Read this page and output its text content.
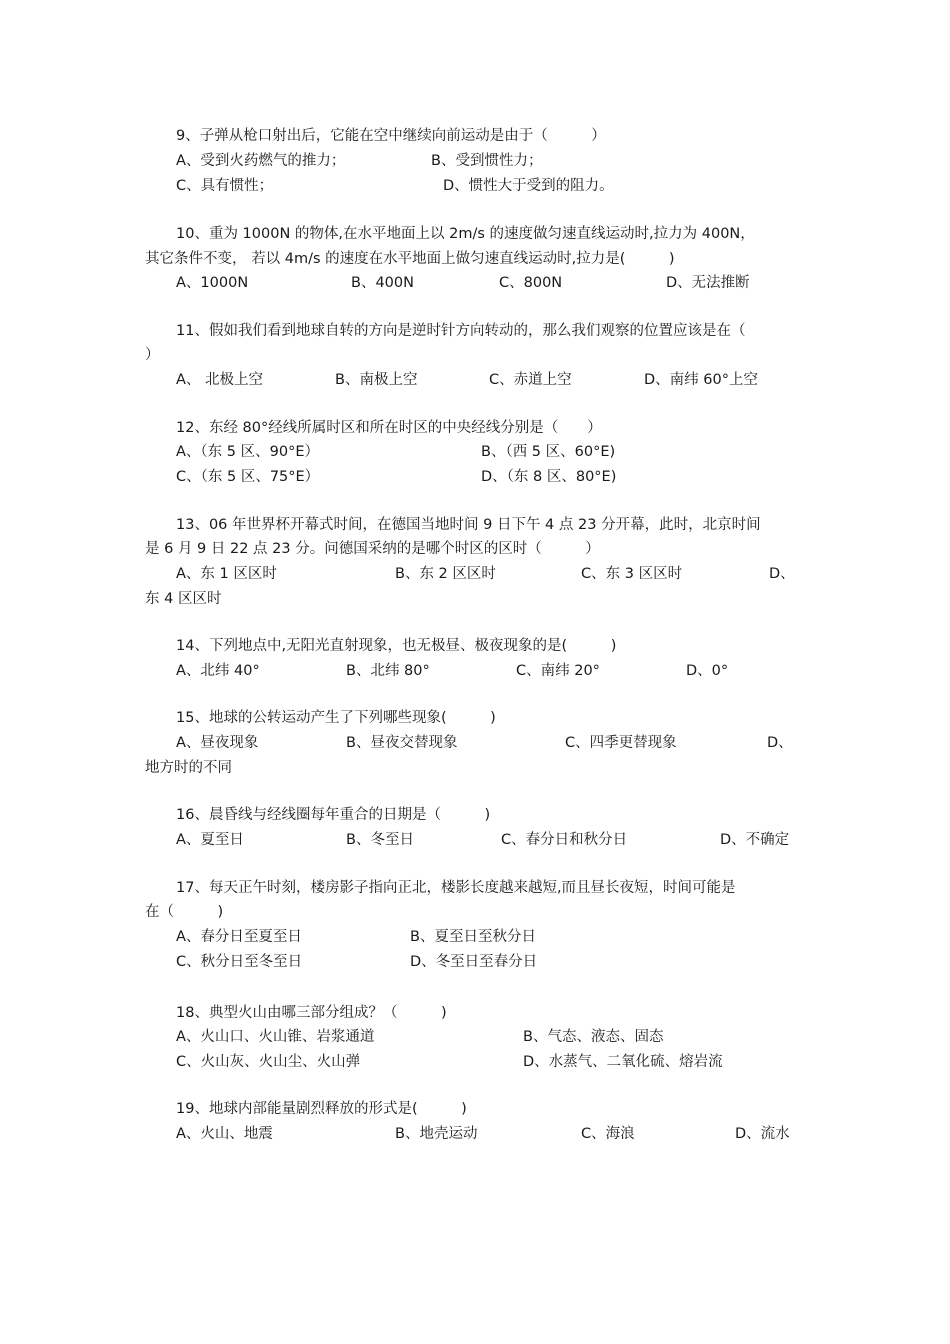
9、子弹从枪口射出后，它能在空中继续向前运动是由于（　　　）
A、受到火药燃气的推力；	B、受到惯性力；
C、具有惯性；	D、惯性大于受到的阻力。
10、重为 1000N 的物体,在水平地面上以 2m/s 的速度做匀速直线运动时,拉力为 400N，
其它条件不变， 若以 4m/s 的速度在水平地面上做匀速直线运动时,拉力是(　　　)
A、1000N	B、400N	C、800N	D、无法推断
11、假如我们看到地球自转的方向是逆时针方向转动的，那么我们观察的位置应该是在（
）
A、 北极上空	B、南极上空	C、赤道上空	D、南纬 60°上空
12、东经 80°经线所属时区和所在时区的中央经线分别是（　　）
A、（东 5 区、90°E）	B、（西 5 区、60°E)
C、（东 5 区、75°E）	D、（东 8 区、80°E)
13、06 年世界杯开幕式时间，在德国当地时间 9 日下午 4 点 23 分开幕，此时，北京时间
是 6 月 9 日 22 点 23 分。问德国采纳的是哪个时区的区时（　　　）
A、东 1 区区时	B、东 2 区区时	C、东 3 区区时	D、
东 4 区区时
14、下列地点中,无阳光直射现象，也无极昼、极夜现象的是(　　　)
A、北纬 40°	B、北纬 80°	C、南纬 20°	D、0°
15、地球的公转运动产生了下列哪些现象(　　　)
A、昼夜现象	B、昼夜交替现象	C、四季更替现象	D、
地方时的不同
16、晨昏线与经线圈每年重合的日期是（　　　)
A、夏至日	B、冬至日	C、春分日和秋分日	D、不确定
17、每天正午时刻，楼房影子指向正北，楼影长度越来越短,而且昼长夜短，时间可能是
在（　　　)
A、春分日至夏至日	B、夏至日至秋分日
C、秋分日至冬至日	D、冬至日至春分日
18、典型火山由哪三部分组成？（　　　)
A、火山口、火山锥、岩浆通道	B、气态、液态、固态
C、火山灰、火山尘、火山弹	D、水蒸气、二氧化硫、熔岩流
19、地球内部能量剧烈释放的形式是(　　　)
A、火山、地震	B、地壳运动	C、海浪	D、流水
